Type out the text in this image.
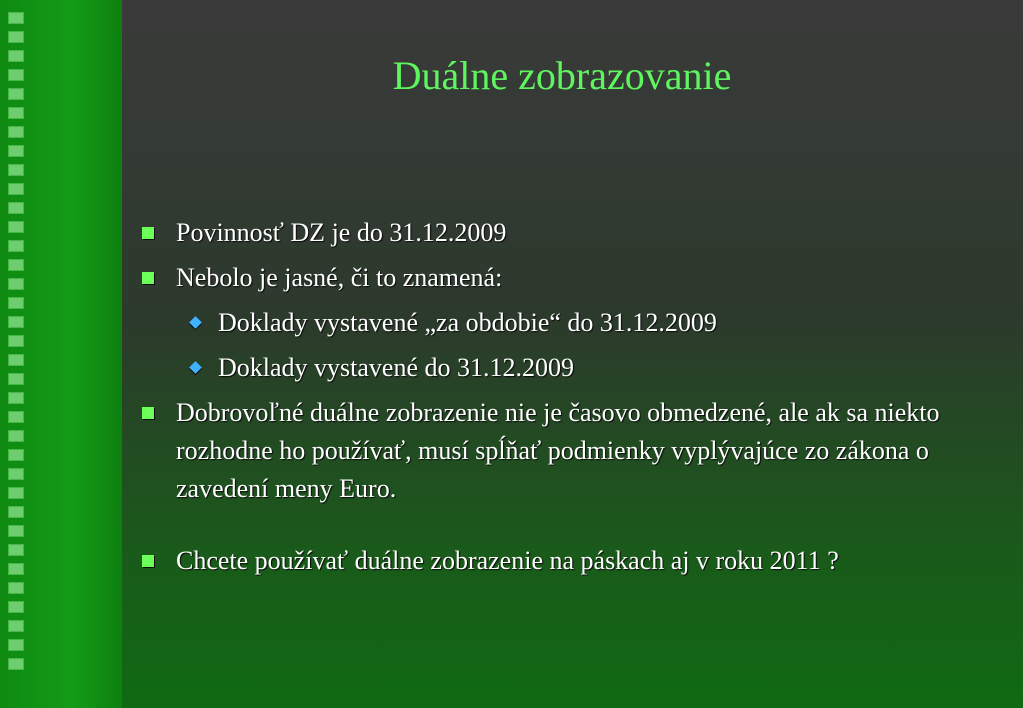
Duálne zobrazovanie
Povinnosť DZ je do 31.12.2009
Nebolo je jasné, či to znamená:
Doklady vystavené „za obdobie“ do 31.12.2009
Doklady vystavené do 31.12.2009
Dobrovoľné duálne zobrazenie nie je časovo obmedzené, ale ak sa niekto rozhodne ho používať, musí spĺňať podmienky vyplývajúce zo zákona o zavedení meny Euro.
Chcete používať duálne zobrazenie na páskach aj v roku 2011 ?
